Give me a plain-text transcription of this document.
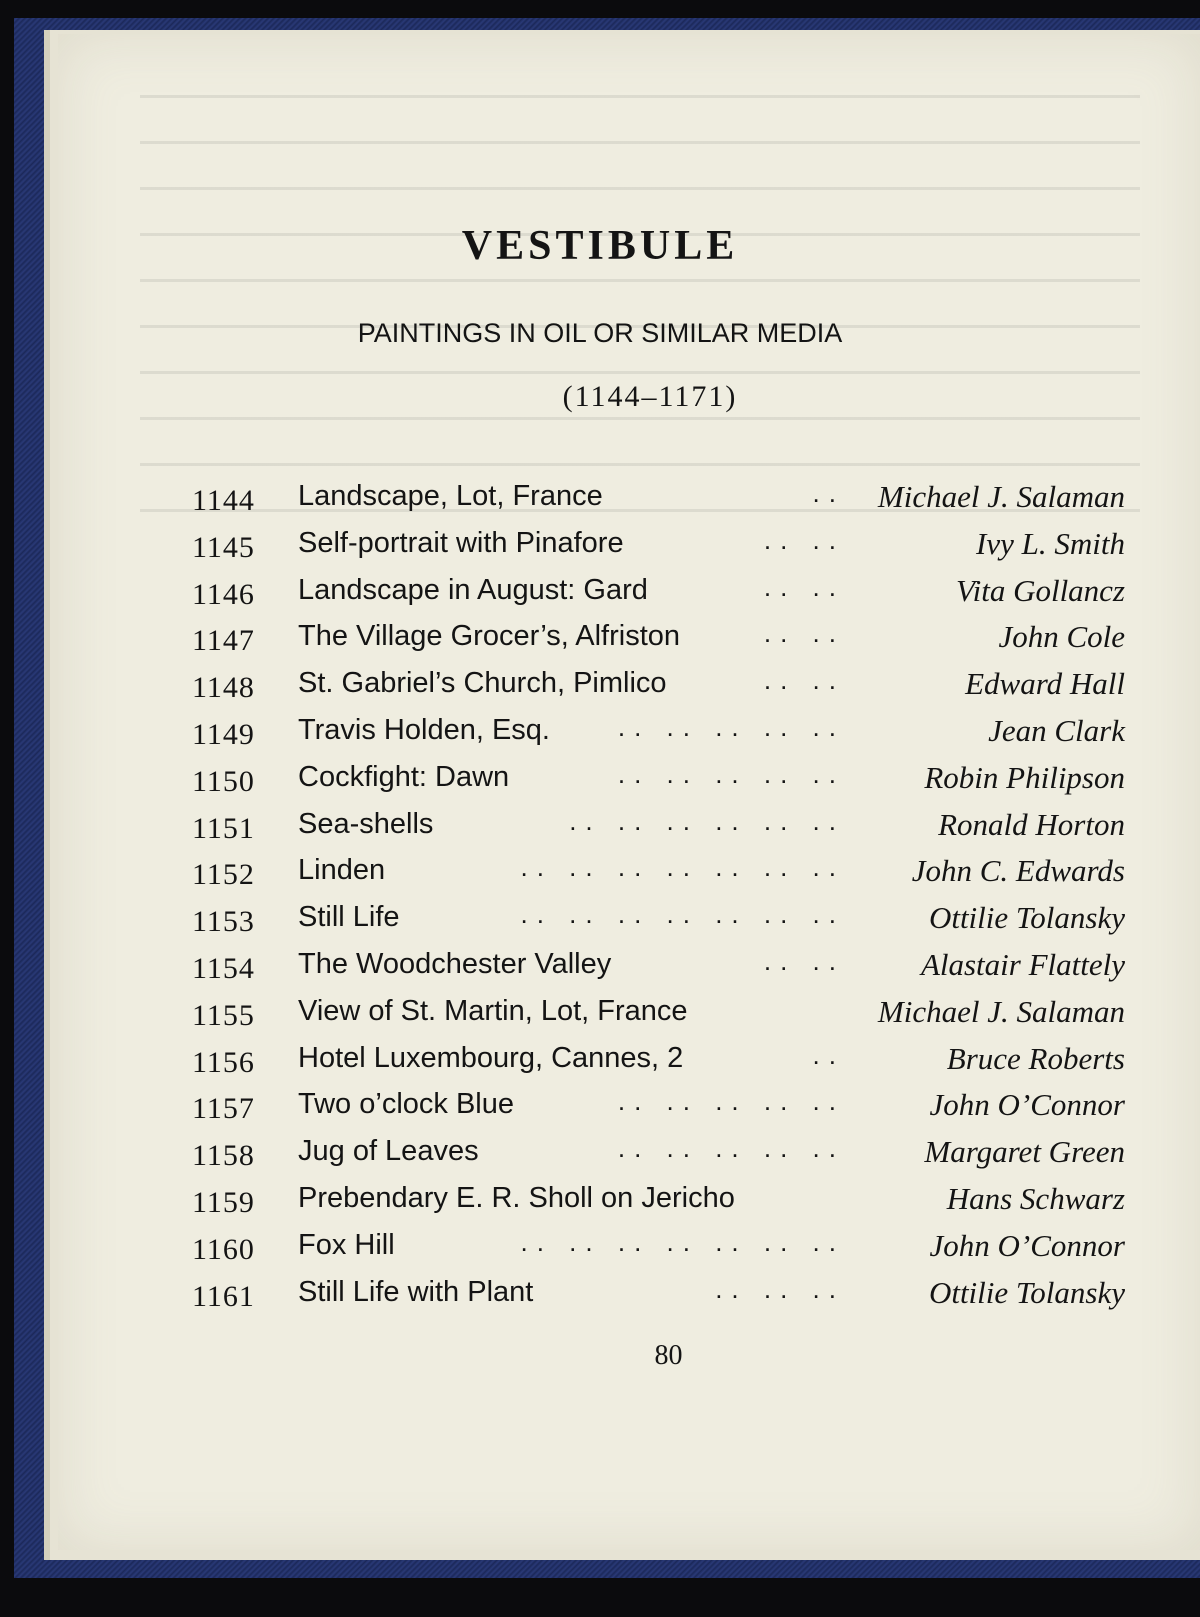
VESTIBULE
PAINTINGS IN OIL OR SIMILAR MEDIA
(1144–1171)
1144 Landscape, Lot, France	..	Michael J. Salaman
1145 Self-portrait with Pinafore	.. ..	Ivy L. Smith
1146 Landscape in August: Gard	.. ..	Vita Gollancz
1147 The Village Grocer’s, Alfriston	.. ..	John Cole
1148 St. Gabriel’s Church, Pimlico	.. ..	Edward Hall
1149 Travis Holden, Esq.	.. .. .. .. ..	Jean Clark
1150 Cockfight: Dawn	.. .. .. .. ..	Robin Philipson
1151 Sea-shells	.. .. .. .. .. ..	Ronald Horton
1152 Linden	.. .. .. .. .. .. ..	John C. Edwards
1153 Still Life	.. .. .. .. .. .. ..	Ottilie Tolansky
1154 The Woodchester Valley	.. ..	Alastair Flattely
1155 View of St. Martin, Lot, France	Michael J. Salaman
1156 Hotel Luxembourg, Cannes, 2	..	Bruce Roberts
1157 Two o’clock Blue	.. .. .. .. ..	John O’Connor
1158 Jug of Leaves	.. .. .. .. ..	Margaret Green
1159 Prebendary E. R. Sholl on Jericho	Hans Schwarz
1160 Fox Hill	.. .. .. .. .. .. ..	John O’Connor
1161 Still Life with Plant	.. .. ..	Ottilie Tolansky
80
